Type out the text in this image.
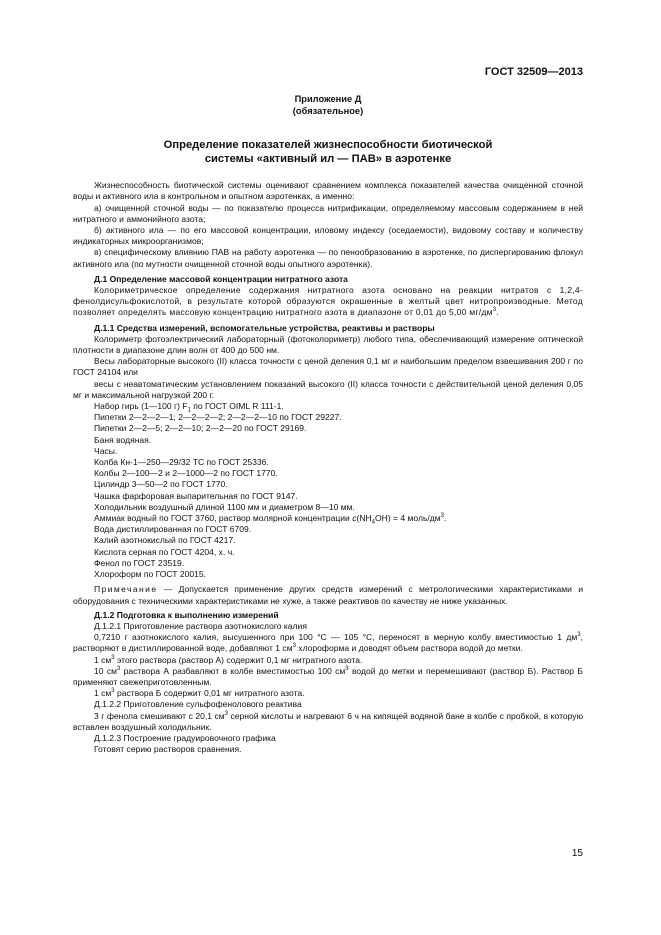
ГОСТ 32509—2013

Приложение Д

(обязательное)

Определение показателей жизнеспособности биотической
системы «активный ил — ПАВ» в аэротенке

Жизнеспособность биотической системы оценивают сравнением комплекса показателей качества очищенной сточной воды и активного ила в контрольном и опытном аэротенках, а именно:

а) очищенной сточной воды — по показателю процесса нитрификации, определяемому массовым содержанием в ней нитратного и аммонийного азота;

б) активного ила — по его массовой концентрации, иловому индексу (оседаемости), видовому составу и количеству индикаторных микроорганизмов;

в) специфическому влиянию ПАВ на работу аэротенка — по пенообразованию в аэротенке, по диспергированию флокул активного ила (по мутности очищенной сточной воды опытного аэротенка).

Д.1 Определение массовой концентрации нитратного азота

Колориметрическое определение содержания нитратного азота основано на реакции нитратов с 1,2,4-фенолдисульфокислотой, в результате которой образуются окрашенные в желтый цвет нитропроизводные. Метод позволяет определять массовую концентрацию нитратного азота в диапазоне от 0,01 до 5,00 $мг/дм^3$.

Д.1.1 Средства измерений, вспомогательные устройства, реактивы и растворы

Колориметр фотоэлектрический лабораторный (фотоколориметр) любого типа, обеспечивающий измерение оптической плотности в диапазоне длин волн от 400 до 500 нм.

Весы лабораторные высокого (II) класса точности с ценой деления 0,1 мг и наибольшим пределом взвешивания 200 г по ГОСТ 24104 или

весы с неавтоматическим установлением показаний высокого (II) класса точности с действительной ценой деления 0,05 мг и максимальной нагрузкой 200 г.

Набор гирь (1—100 г) $F_1$ по ГОСТ OIML R 111-1.

Пипетки 2—2—2—1; 2—2—2—2; 2—2—2—10 по ГОСТ 29227.

Пипетки 2—2—5; 2—2—10; 2—2—20 по ГОСТ 29169.

Баня водяная.

Часы.

Колба Кн-1—250—29/32 ТС по ГОСТ 25336.

Колбы 2—100—2 и 2—1000—2 по ГОСТ 1770.

Цилиндр 3—50—2 по ГОСТ 1770.

Чашка фарфоровая выпарительная по ГОСТ 9147.

Холодильник воздушный длиной 1100 мм и диаметром 8—10 мм.

Аммиак водный по ГОСТ 3760, раствор молярной концентрации $c(NH_4OH) = 4$ моль/$дм^3$.

Вода дистиллированная по ГОСТ 6709.

Калий азотнокислый по ГОСТ 4217.

Кислота серная по ГОСТ 4204, х. ч.

Фенол по ГОСТ 23519.

Хлороформ по ГОСТ 20015.

Примечание — Допускается применение других средств измерений с метрологическими характеристиками и оборудования с техническими характеристиками не хуже, а также реактивов по качеству не ниже указанных.

Д.1.2 Подготовка к выполнению измерений

Д.1.2.1 Приготовление раствора азотнокислого калия

0,7210 г азотнокислого калия, высушенного при 100 °C — 105 °C, переносят в мерную колбу вместимостью 1 $дм^3$, растворяют в дистиллированной воде, добавляют 1 $см^3$ хлороформа и доводят объем раствора водой до метки.

1 $см^3$ этого раствора (раствор А) содержит 0,1 мг нитратного азота.

10 $см^3$ раствора А разбавляют в колбе вместимостью 100 $см^3$ водой до метки и перемешивают (раствор Б). Раствор Б применяют свежеприготовленным.

1 $см^3$ раствора Б содержит 0,01 мг нитратного азота.

Д.1.2.2 Приготовление сульфофенолового реактива

3 г фенола смешивают с 20,1 $см^3$ серной кислоты и нагревают 6 ч на кипящей водяной бане в колбе с пробкой, в которую вставлен воздушный холодильник.

Д.1.2.3 Построение градуировочного графика

Готовят серию растворов сравнения.

15
